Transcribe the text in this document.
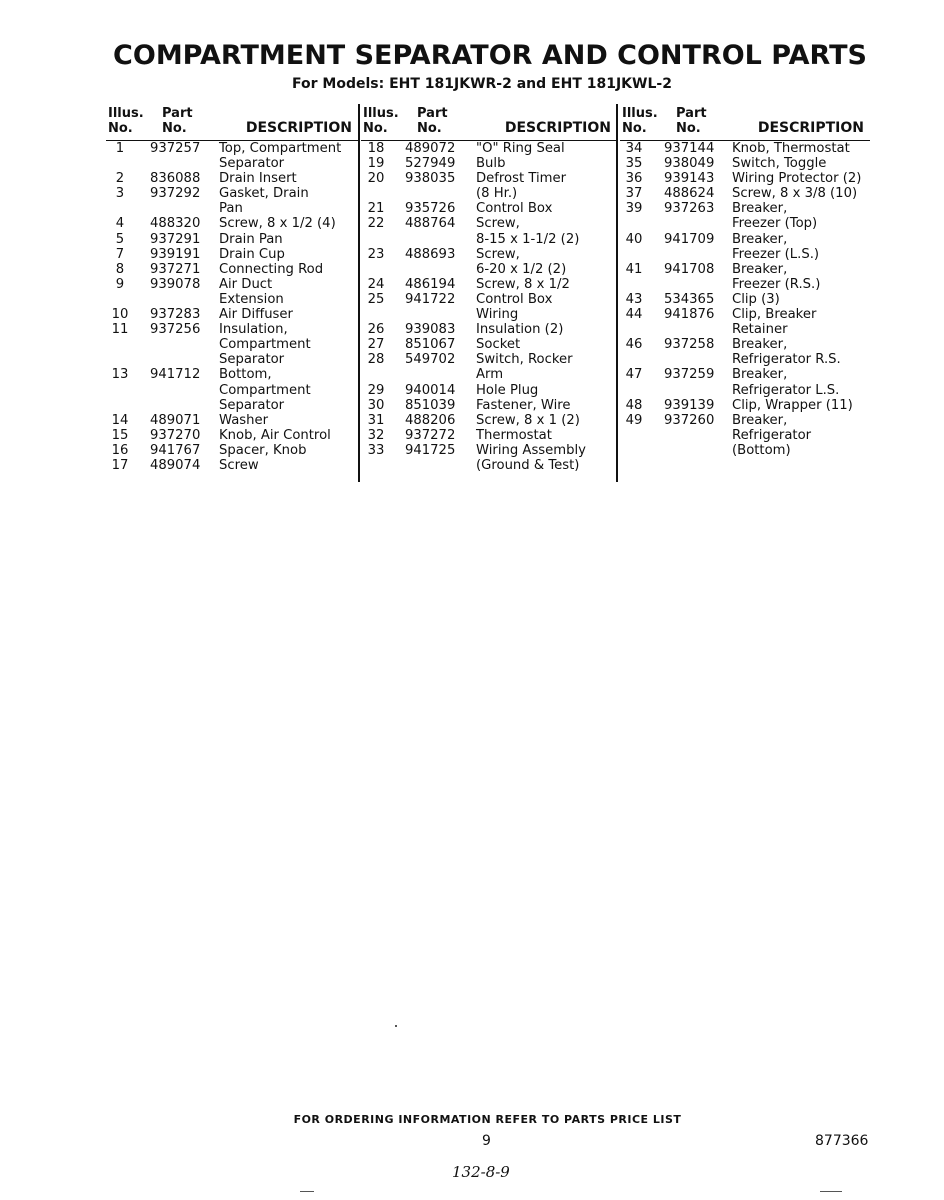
COMPARTMENT SEPARATOR AND CONTROL PARTS
For Models: EHT 181JKWR-2 and EHT 181JKWL-2
Illus.
No.
Part
No.	DESCRIPTION
1	937257	Top, Compartment
Separator
2	836088	Drain Insert
3	937292	Gasket, Drain
Pan
4	488320	Screw, 8 x 1/2 (4)
5	937291	Drain Pan
7	939191	Drain Cup
8	937271	Connecting Rod
9	939078	Air Duct
Extension
10	937283	Air Diffuser
11	937256	Insulation,
Compartment
Separator
13	941712	Bottom,
Compartment
Separator
14	489071	Washer
15	937270	Knob, Air Control
16	941767	Spacer, Knob
17	489074	Screw
Illus.
No.
Part
No.	DESCRIPTION
18	489072	"O" Ring Seal
19	527949	Bulb
20	938035	Defrost Timer
(8 Hr.)
21	935726	Control Box
22	488764	Screw,
8-15 x 1-1/2 (2)
23	488693	Screw,
6-20 x 1/2 (2)
24	486194	Screw, 8 x 1/2
25	941722	Control Box
Wiring
26	939083	Insulation (2)
27	851067	Socket
28	549702	Switch, Rocker
Arm
29	940014	Hole Plug
30	851039	Fastener, Wire
31	488206	Screw, 8 x 1 (2)
32	937272	Thermostat
33	941725	Wiring Assembly
(Ground & Test)
Illus.
No.
Part
No.	DESCRIPTION
34	937144	Knob, Thermostat
35	938049	Switch, Toggle
36	939143	Wiring Protector (2)
37	488624	Screw, 8 x 3/8 (10)
39	937263	Breaker,
Freezer (Top)
40	941709	Breaker,
Freezer (L.S.)
41	941708	Breaker,
Freezer (R.S.)
43	534365	Clip (3)
44	941876	Clip, Breaker
Retainer
46	937258	Breaker,
Refrigerator R.S.
47	937259	Breaker,
Refrigerator L.S.
48	939139	Clip, Wrapper (11)
49	937260	Breaker,
Refrigerator
(Bottom)
FOR ORDERING INFORMATION REFER TO PARTS PRICE LIST
9	877366
132-8-9
